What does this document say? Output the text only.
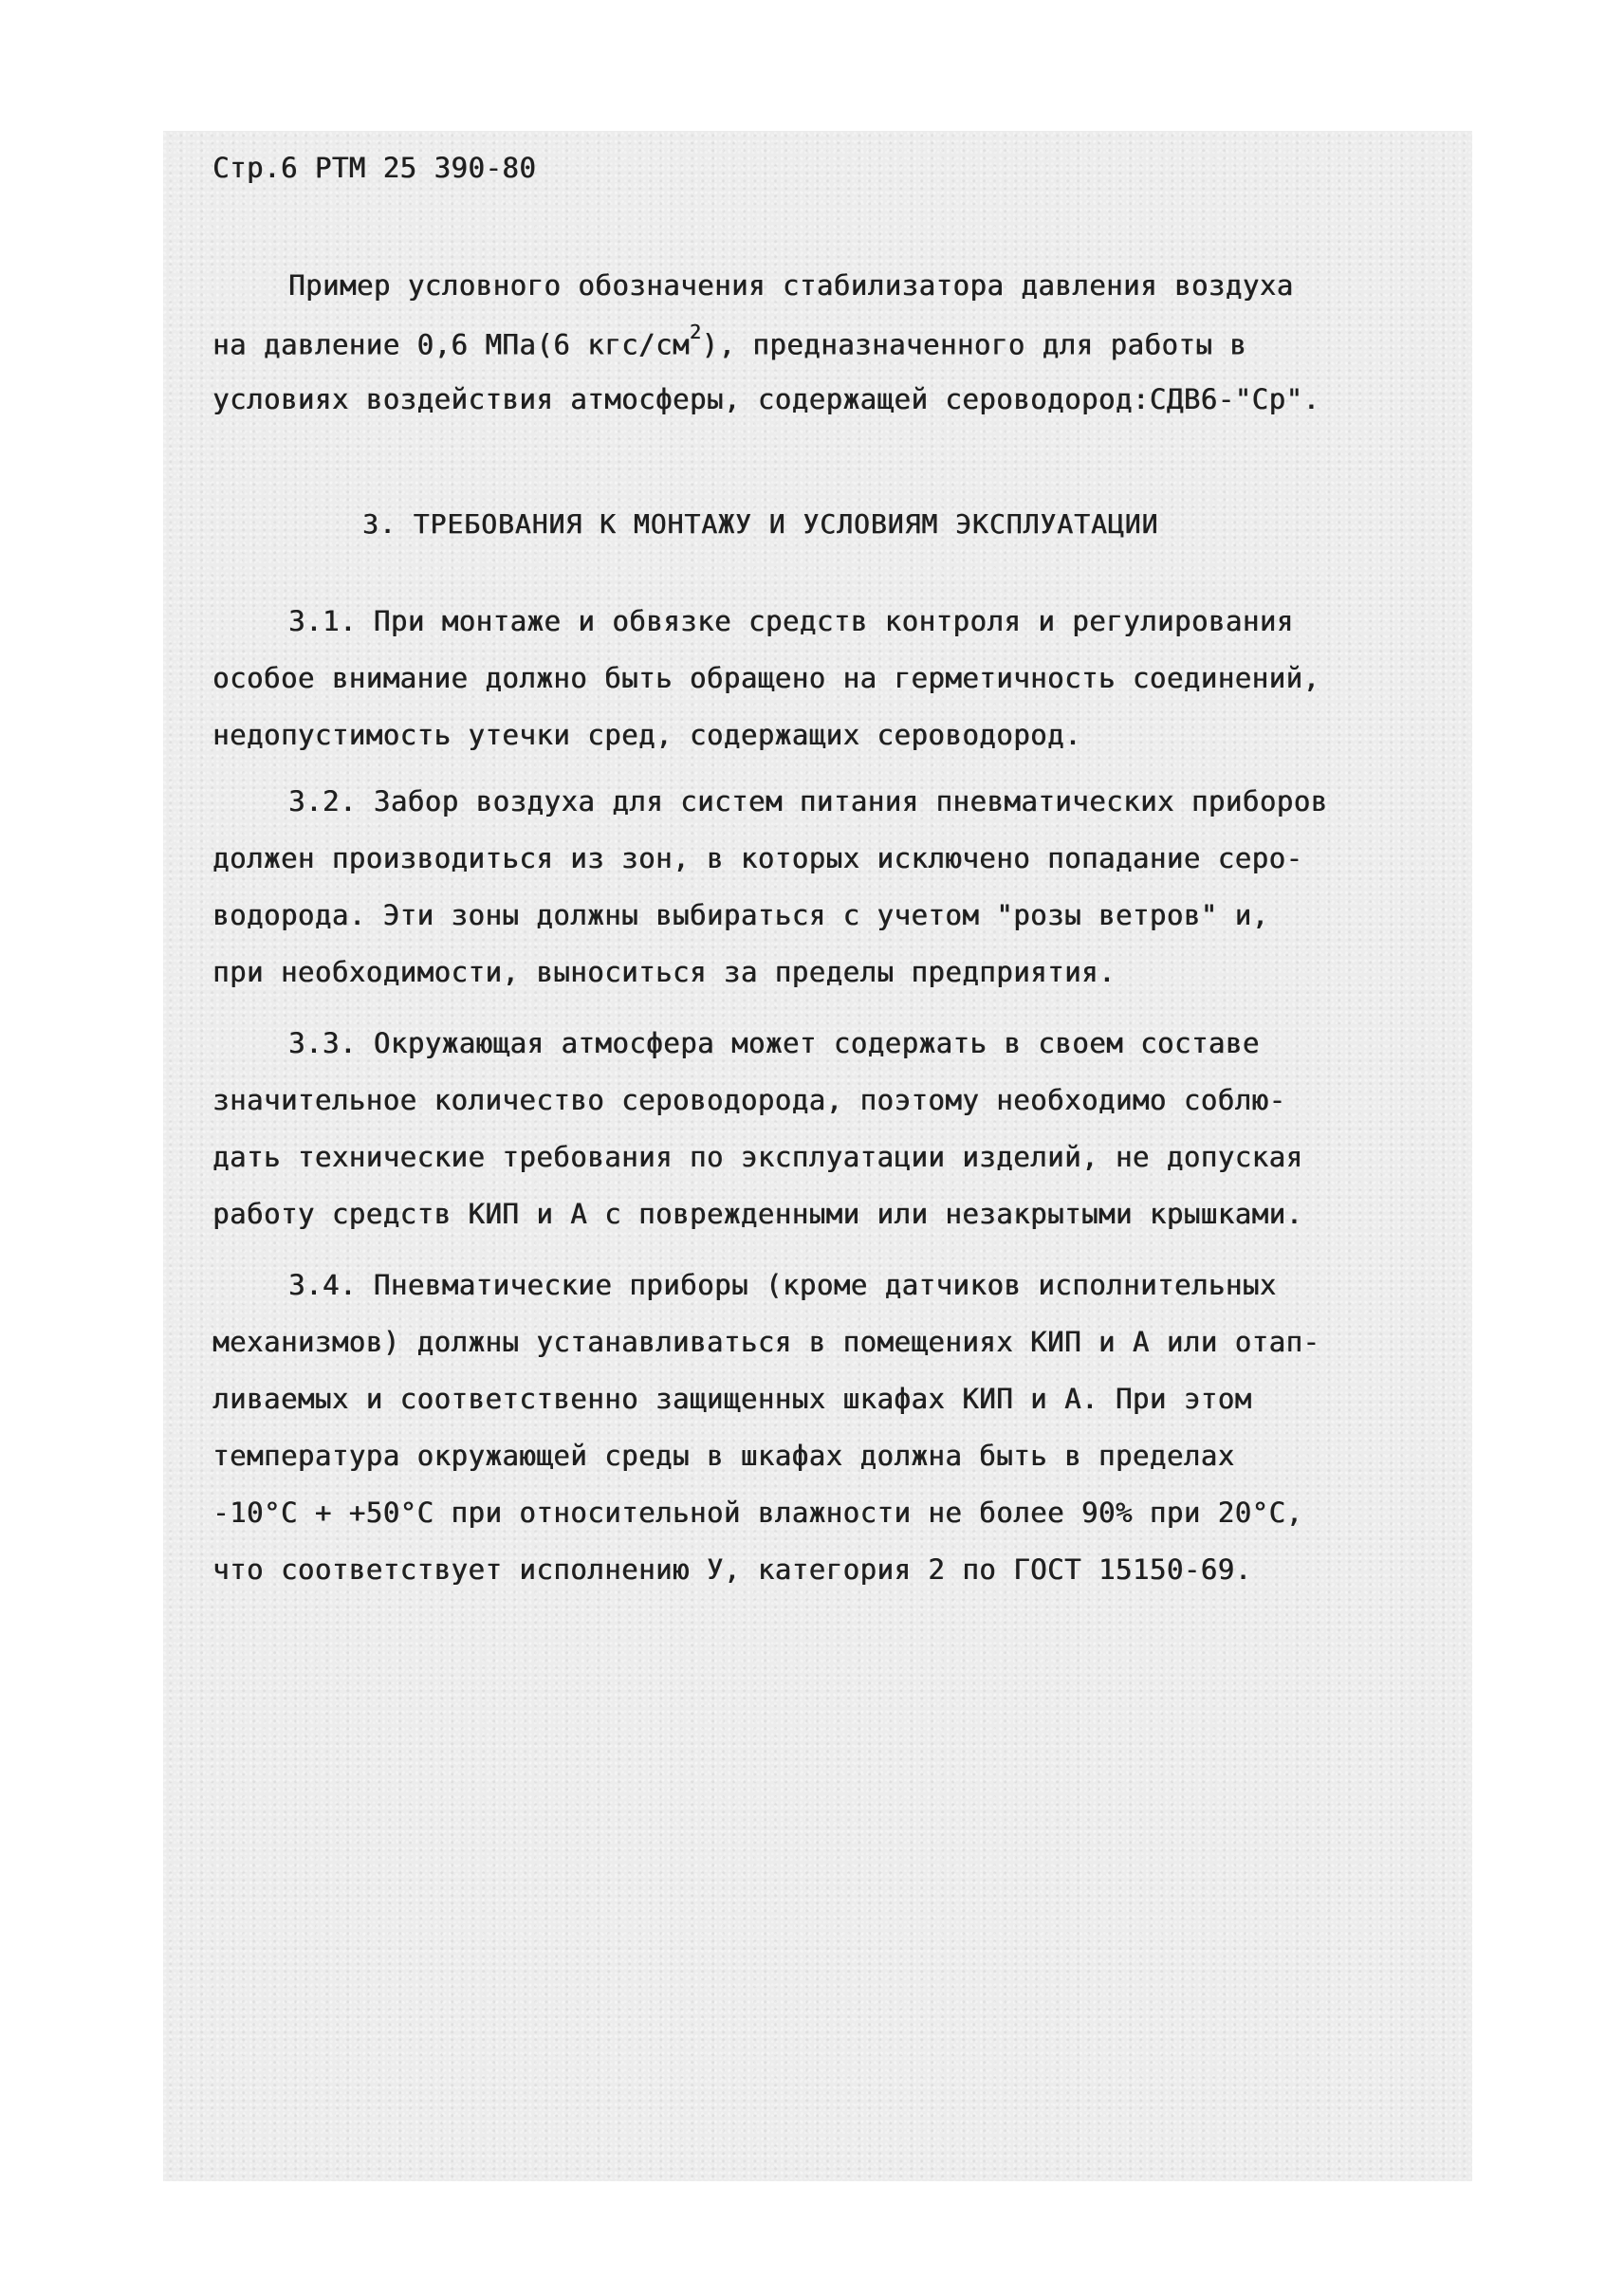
Стр.6 РТМ 25 390-80
Пример условного обозначения стабилизатора давления воздуха
на давление 0,6 МПа(6 кгс/$см^2$), предназначенного для работы в
условиях воздействия атмосферы, содержащей сероводород:СДВ6-"Ср".
3. ТРЕБОВАНИЯ К МОНТАЖУ И УСЛОВИЯМ ЭКСПЛУАТАЦИИ
3.1. При монтаже и обвязке средств контроля и регулирования
особое внимание должно быть обращено на герметичность соединений,
недопустимость утечки сред, содержащих сероводород.
3.2. Забор воздуха для систем питания пневматических приборов
должен производиться из зон, в которых исключено попадание серо-
водорода. Эти зоны должны выбираться с учетом "розы ветров" и,
при необходимости, выноситься за пределы предприятия.
3.3. Окружающая атмосфера может содержать в своем составе
значительное количество сероводорода, поэтому необходимо соблю-
дать технические требования по эксплуатации изделий, не допуская
работу средств КИП и А с поврежденными или незакрытыми крышками.
3.4. Пневматические приборы (кроме датчиков исполнительных
механизмов) должны устанавливаться в помещениях КИП и А или отап-
ливаемых и соответственно защищенных шкафах КИП и А. При этом
температура окружающей среды в шкафах должна быть в пределах
-10°С + +50°С при относительной влажности не более 90% при 20°С,
что соответствует исполнению У, категория 2 по ГОСТ 15150-69.
